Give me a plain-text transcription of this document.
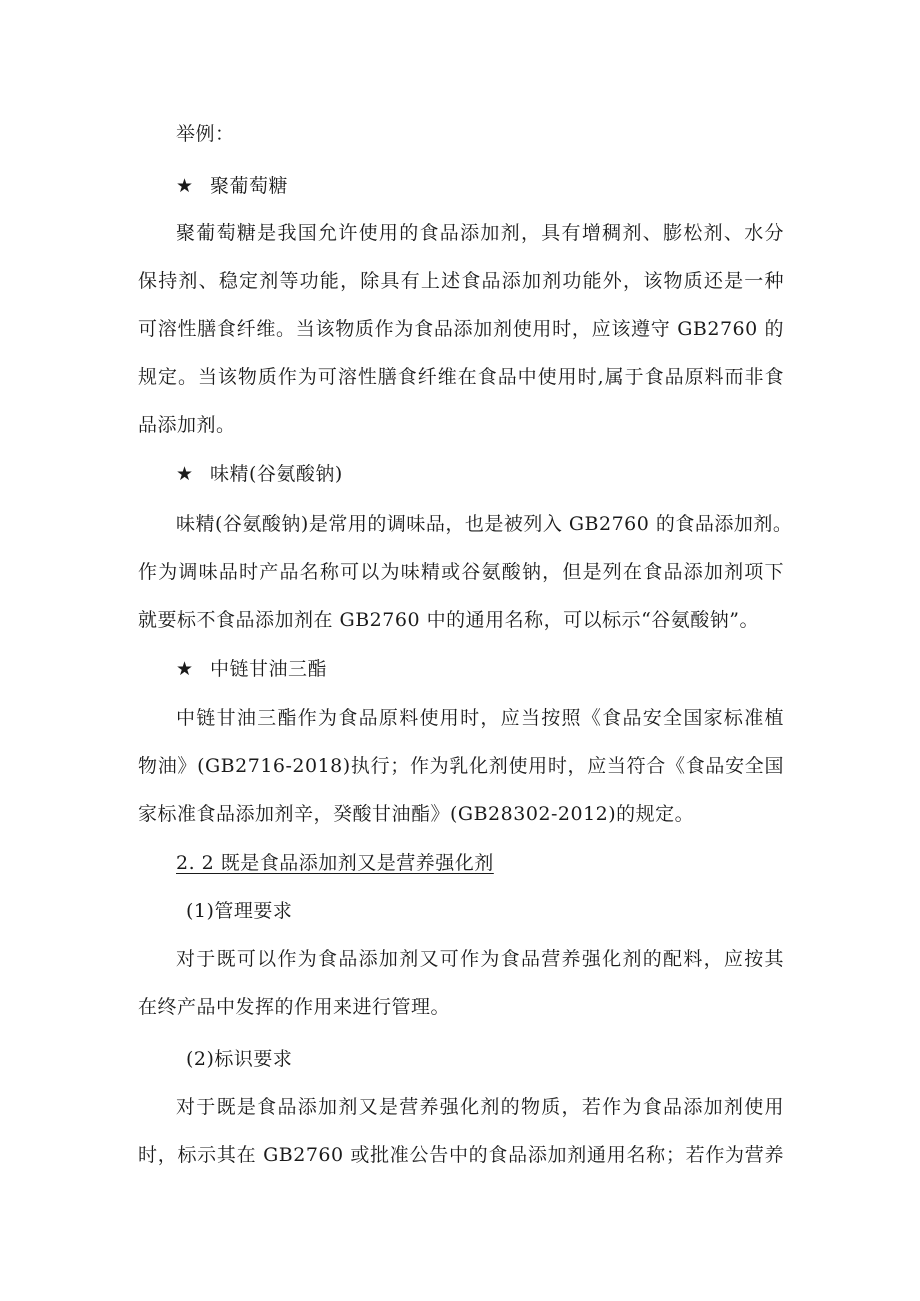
举例：
★ 聚葡萄糖
聚葡萄糖是我国允许使用的食品添加剂，具有增稠剂、膨松剂、水分
保持剂、稳定剂等功能，除具有上述食品添加剂功能外，该物质还是一种
可溶性膳食纤维。当该物质作为食品添加剂使用时，应该遵守 GB2760 的
规定。当该物质作为可溶性膳食纤维在食品中使用时,属于食品原料而非食
品添加剂。
★ 味精(谷氨酸钠)
味精(谷氨酸钠)是常用的调味品，也是被列入 GB2760 的食品添加剂。
作为调味品时产品名称可以为味精或谷氨酸钠，但是列在食品添加剂项下
就要标不食品添加剂在 GB2760 中的通用名称，可以标示“谷氨酸钠”。
★ 中链甘油三酯
中链甘油三酯作为食品原料使用时，应当按照《食品安全国家标准植
物油》(GB2716-2018)执行；作为乳化剂使用时，应当符合《食品安全国
家标准食品添加剂辛，癸酸甘油酯》(GB28302-2012)的规定。
2. 2 既是食品添加剂又是营养强化剂
(1)管理要求
对于既可以作为食品添加剂又可作为食品营养强化剂的配料，应按其
在终产品中发挥的作用来进行管理。
(2)标识要求
对于既是食品添加剂又是营养强化剂的物质，若作为食品添加剂使用
时，标示其在 GB2760 或批准公告中的食品添加剂通用名称；若作为营养
